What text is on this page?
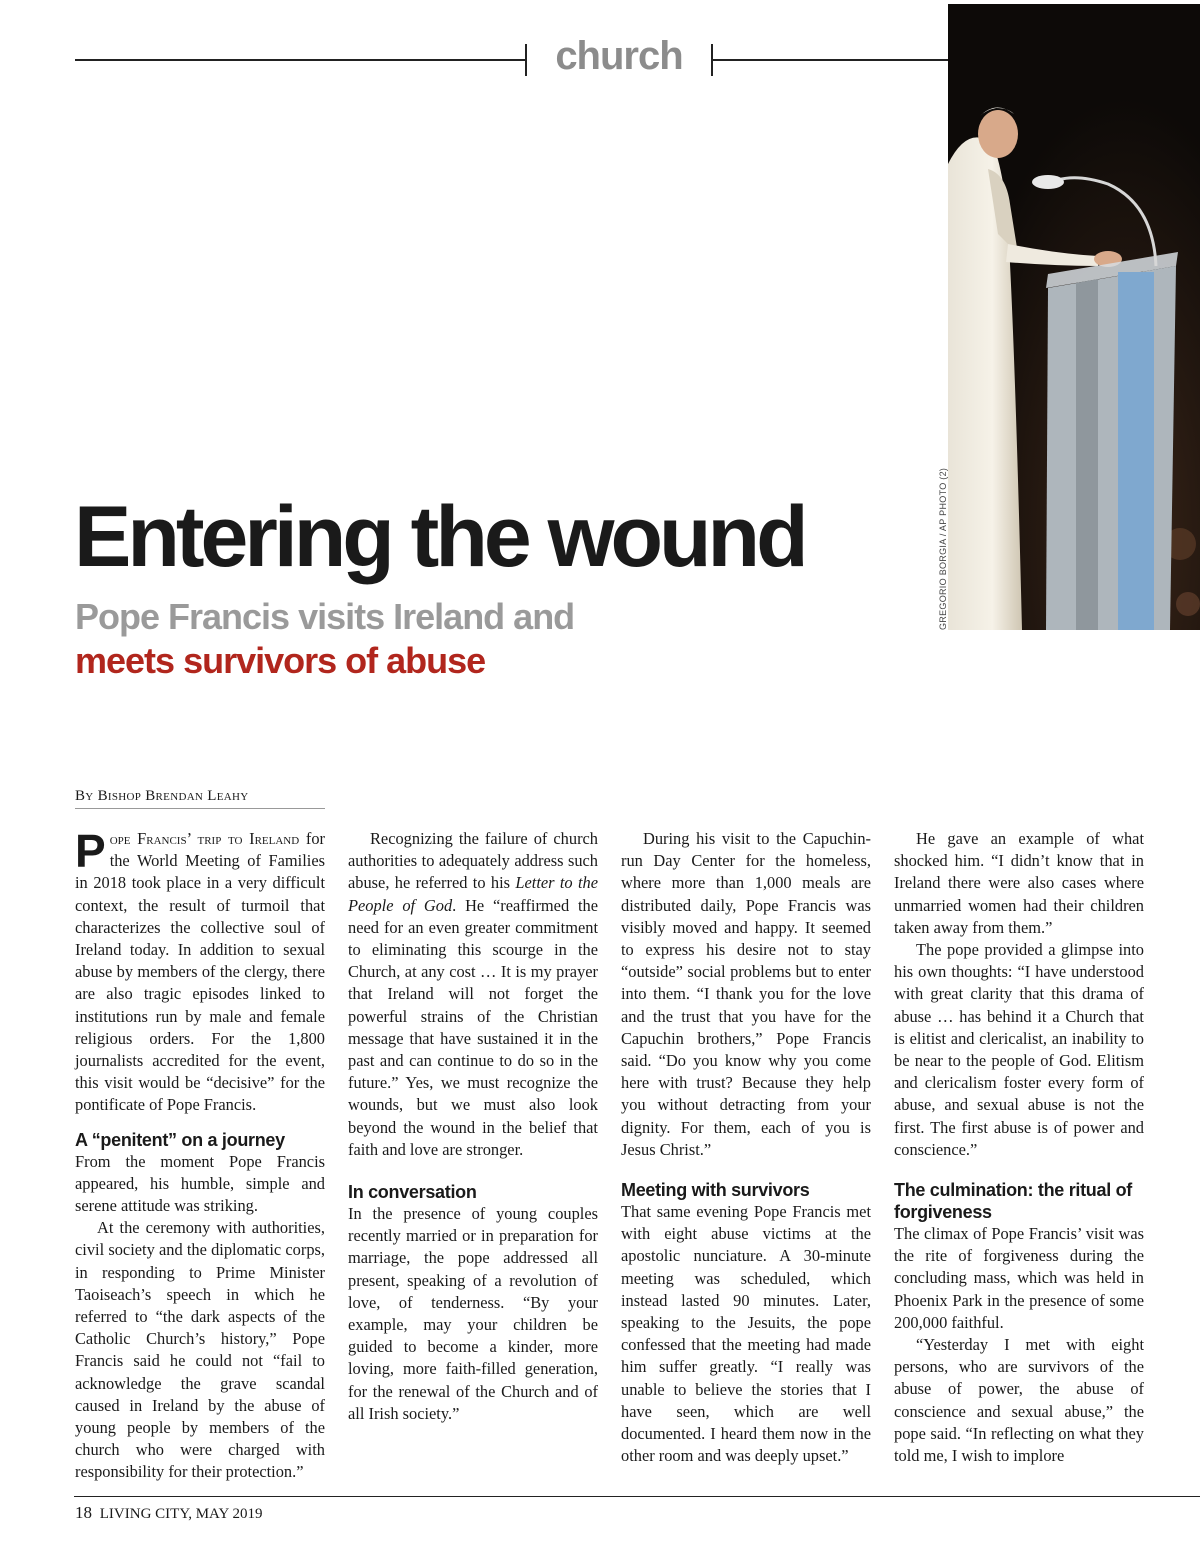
church
GREGORIO BORGIA / AP PHOTO (2)
Entering the wound
Pope Francis visits Ireland and
meets survivors of abuse
By Bishop Brendan Leahy

Pope Francis’ trip to Ireland for the World Meeting of Families in 2018 took place in a very difficult context, the result of turmoil that characterizes the collective soul of Ireland today. In addition to sexual abuse by members of the clergy, there are also tragic episodes linked to institutions run by male and female religious orders. For the 1,800 journalists accredited for the event, this visit would be “decisive” for the pontificate of Pope Francis.

A “penitent” on a journey

From the moment Pope Francis appeared, his humble, simple and serene attitude was striking.

At the ceremony with authorities, civil society and the diplomatic corps, in responding to Prime Minister Taoiseach’s speech in which he referred to “the dark aspects of the Catholic Church’s history,” Pope Francis said he could not “fail to acknowledge the grave scandal caused in Ireland by the abuse of young people by members of the church who were charged with responsibility for their protection.”

Recognizing the failure of church authorities to adequately address such abuse, he referred to his Letter to the People of God. He “reaffirmed the need for an even greater commitment to eliminating this scourge in the Church, at any cost … It is my prayer that Ireland will not forget the powerful strains of the Christian message that have sustained it in the past and can continue to do so in the future.” Yes, we must recognize the wounds, but we must also look beyond the wound in the belief that faith and love are stronger.

In conversation

In the presence of young couples recently married or in preparation for marriage, the pope addressed all present, speaking of a revolution of love, of tenderness. “By your example, may your children be guided to become a kinder, more loving, more faith-filled generation, for the renewal of the Church and of all Irish society.”

During his visit to the Capuchin-run Day Center for the homeless, where more than 1,000 meals are distributed daily, Pope Francis was visibly moved and happy. It seemed to express his desire not to stay “outside” social problems but to enter into them. “I thank you for the love and the trust that you have for the Capuchin brothers,” Pope Francis said. “Do you know why you come here with trust? Because they help you without detracting from your dignity. For them, each of you is Jesus Christ.”

Meeting with survivors

That same evening Pope Francis met with eight abuse victims at the apostolic nunciature. A 30-minute meeting was scheduled, which instead lasted 90 minutes. Later, speaking to the Jesuits, the pope confessed that the meeting had made him suffer greatly. “I really was unable to believe the stories that I have seen, which are well documented. I heard them now in the other room and was deeply upset.”

He gave an example of what shocked him. “I didn’t know that in Ireland there were also cases where unmarried women had their children taken away from them.”

The pope provided a glimpse into his own thoughts: “I have understood with great clarity that this drama of abuse … has behind it a Church that is elitist and clericalist, an inability to be near to the people of God. Elitism and clericalism foster every form of abuse, and sexual abuse is not the first. The first abuse is of power and conscience.”

The culmination: the ritual of forgiveness

The climax of Pope Francis’ visit was the rite of forgiveness during the concluding mass, which was held in Phoenix Park in the presence of some 200,000 faithful.

“Yesterday I met with eight persons, who are survivors of the abuse of power, the abuse of conscience and sexual abuse,” the pope said. “In reflecting on what they told me, I wish to implore

18 LIVING CITY, MAY 2019
